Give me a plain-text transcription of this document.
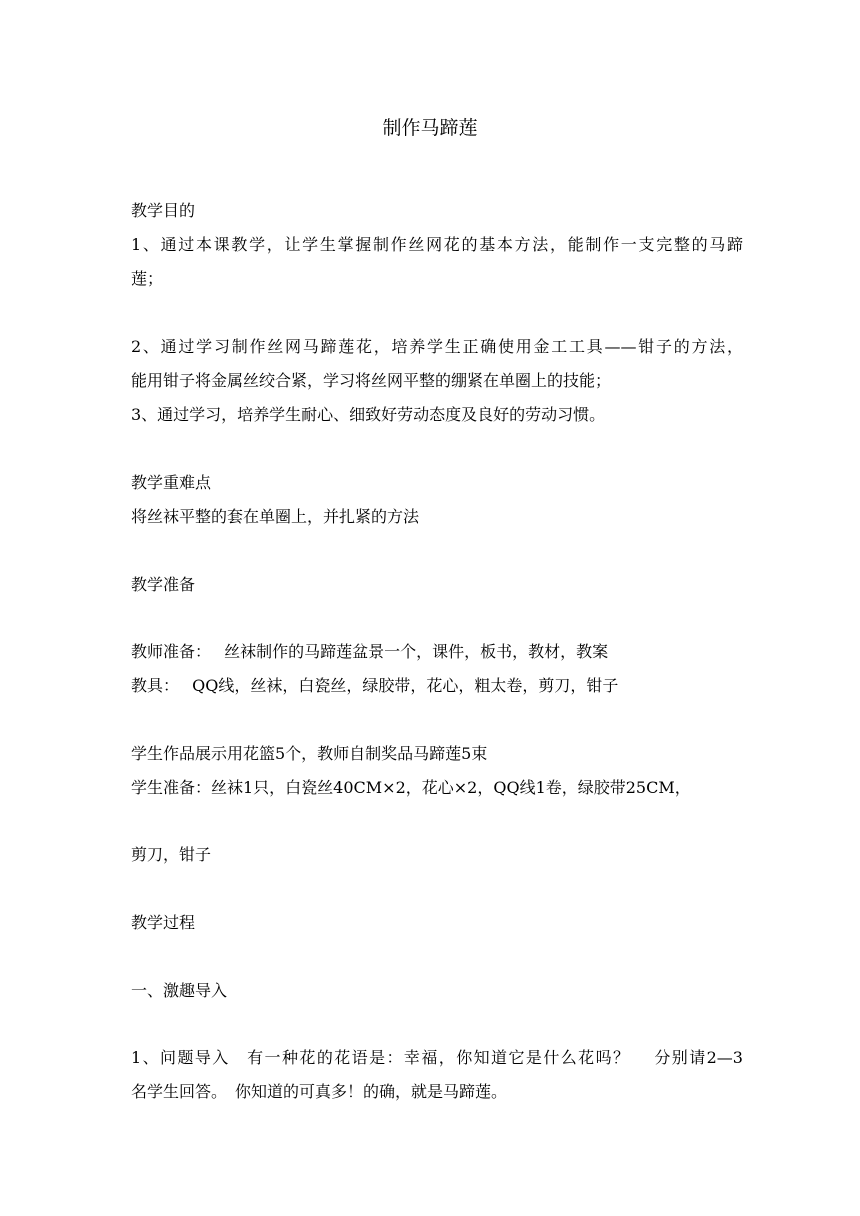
制作马蹄莲
教学目的
1、通过本课教学，让学生掌握制作丝网花的基本方法，能制作一支完整的马蹄
莲；
2、通过学习制作丝网马蹄莲花，培养学生正确使用金工工具——钳子的方法，
能用钳子将金属丝绞合紧，学习将丝网平整的绷紧在单圈上的技能；
3、通过学习，培养学生耐心、细致好劳动态度及良好的劳动习惯。
教学重难点
将丝袜平整的套在单圈上，并扎紧的方法
教学准备
教师准备：　 丝袜制作的马蹄莲盆景一个，课件，板书，教材，教案
教具：　 QQ线，丝袜，白瓷丝，绿胶带，花心，粗太卷，剪刀，钳子
学生作品展示用花篮5个，教师自制奖品马蹄莲5束
学生准备：丝袜1只，白瓷丝40CM×2，花心×2，QQ线1卷，绿胶带25CM，
剪刀，钳子
教学过程
一、激趣导入
1、问题导入　有一种花的花语是：幸福，你知道它是什么花吗？　 分别请2—3
名学生回答。　你知道的可真多！的确，就是马蹄莲。
